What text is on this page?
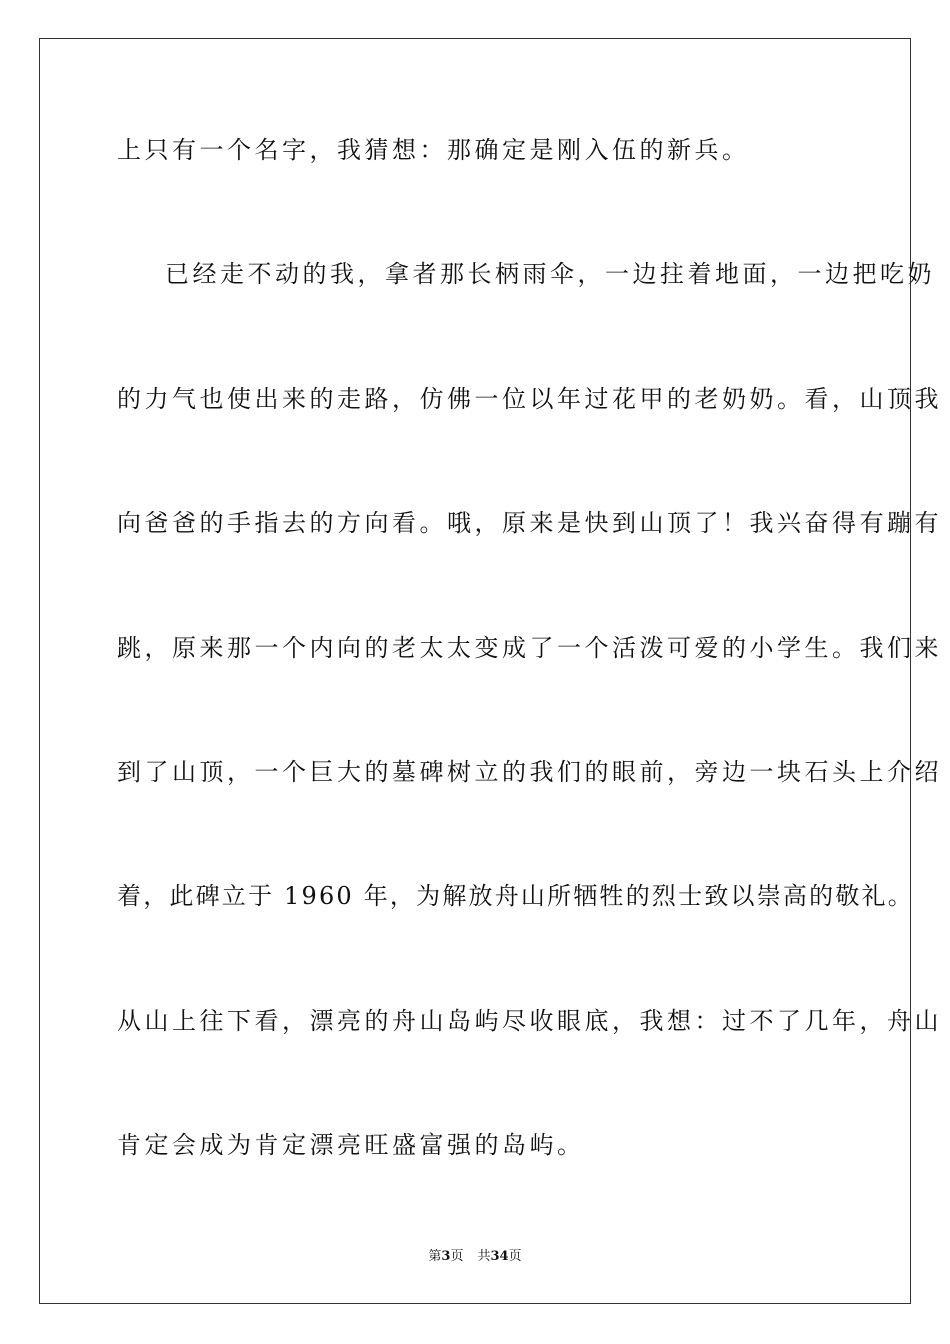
上只有一个名字，我猜想：那确定是刚入伍的新兵。
已经走不动的我，拿者那长柄雨伞，一边拄着地面，一边把吃奶
的力气也使出来的走路，仿佛一位以年过花甲的老奶奶。看，山顶我
向爸爸的手指去的方向看。哦，原来是快到山顶了！我兴奋得有蹦有
跳，原来那一个内向的老太太变成了一个活泼可爱的小学生。我们来
到了山顶，一个巨大的墓碑树立的我们的眼前，旁边一块石头上介绍
着，此碑立于 1960 年，为解放舟山所牺牲的烈士致以崇高的敬礼。
从山上往下看，漂亮的舟山岛屿尽收眼底，我想：过不了几年，舟山
肯定会成为肯定漂亮旺盛富强的岛屿。
第3页 共34页
